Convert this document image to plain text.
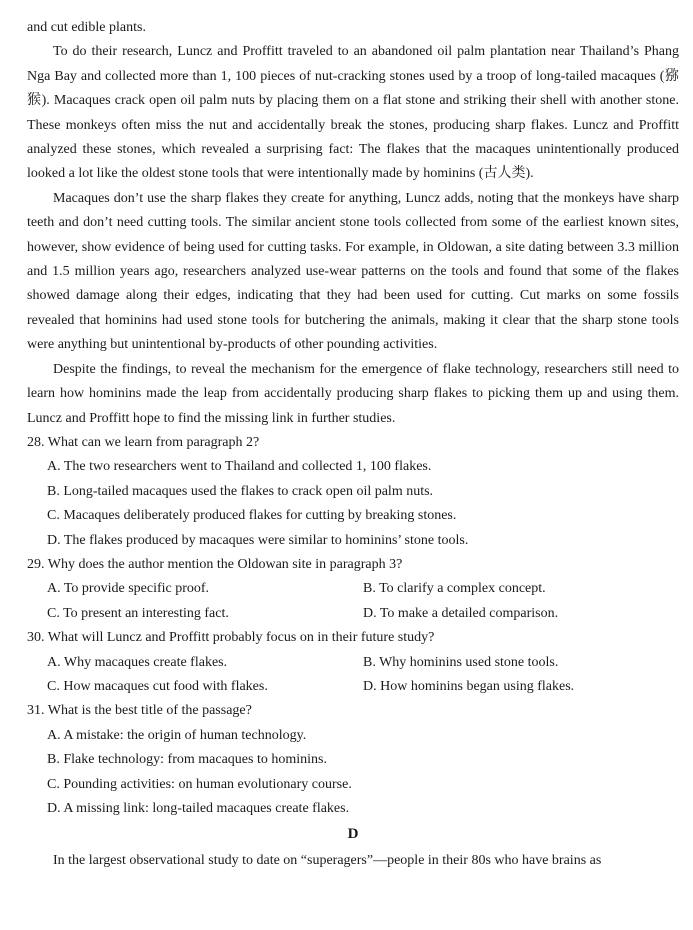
and cut edible plants.

To do their research, Luncz and Proffitt traveled to an abandoned oil palm plantation near Thailand’s Phang Nga Bay and collected more than 1, 100 pieces of nut-cracking stones used by a troop of long-tailed macaques (猕猴). Macaques crack open oil palm nuts by placing them on a flat stone and striking their shell with another stone. These monkeys often miss the nut and accidentally break the stones, producing sharp flakes. Luncz and Proffitt analyzed these stones, which revealed a surprising fact: The flakes that the macaques unintentionally produced looked a lot like the oldest stone tools that were intentionally made by hominins (古人类).

Macaques don’t use the sharp flakes they create for anything, Luncz adds, noting that the monkeys have sharp teeth and don’t need cutting tools. The similar ancient stone tools collected from some of the earliest known sites, however, show evidence of being used for cutting tasks. For example, in Oldowan, a site dating between 3.3 million and 1.5 million years ago, researchers analyzed use-wear patterns on the tools and found that some of the flakes showed damage along their edges, indicating that they had been used for cutting. Cut marks on some fossils revealed that hominins had used stone tools for butchering the animals, making it clear that the sharp stone tools were anything but unintentional by-products of other pounding activities.

Despite the findings, to reveal the mechanism for the emergence of flake technology, researchers still need to learn how hominins made the leap from accidentally producing sharp flakes to picking them up and using them. Luncz and Proffitt hope to find the missing link in further studies.

28. What can we learn from paragraph 2?
A. The two researchers went to Thailand and collected 1, 100 flakes.
B. Long-tailed macaques used the flakes to crack open oil palm nuts.
C. Macaques deliberately produced flakes for cutting by breaking stones.
D. The flakes produced by macaques were similar to hominins’ stone tools.
29. Why does the author mention the Oldowan site in paragraph 3?
A. To provide specific proof.	B. To clarify a complex concept.
C. To present an interesting fact.	D. To make a detailed comparison.
30. What will Luncz and Proffitt probably focus on in their future study?
A. Why macaques create flakes.	B. Why hominins used stone tools.
C. How macaques cut food with flakes.	D. How hominins began using flakes.
31. What is the best title of the passage?
A. A mistake: the origin of human technology.
B. Flake technology: from macaques to hominins.
C. Pounding activities: on human evolutionary course.
D. A missing link: long-tailed macaques create flakes.
D

In the largest observational study to date on “superagers”—people in their 80s who have brains as
